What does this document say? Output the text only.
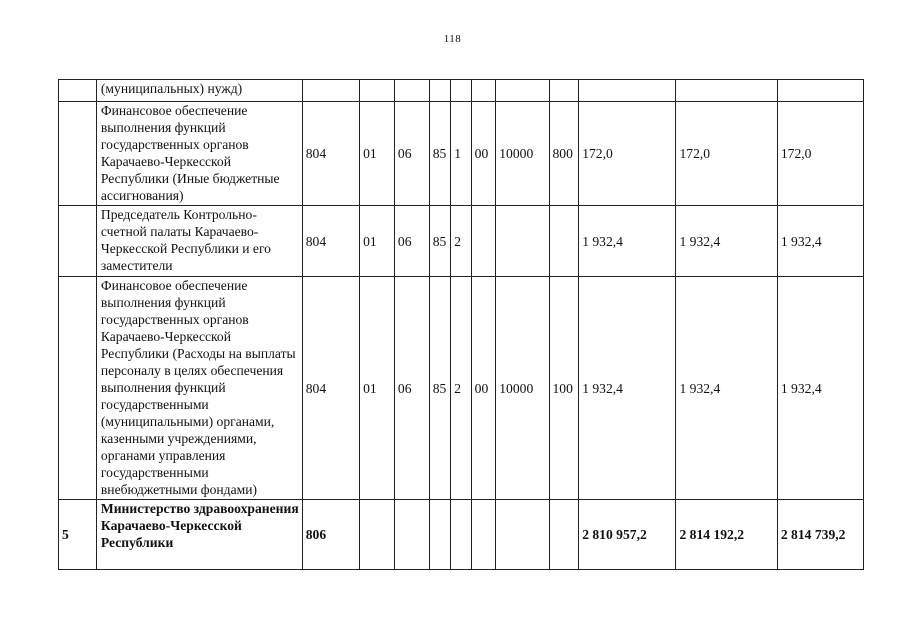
118
	(муниципальных) нужд)											
	Финансовое обеспечение выполнения функций государственных органов Карачаево-Черкесской Республики (Иные бюджетные ассигнования)	804	01	06	85	1	00	10000	800	172,0	172,0	172,0
	Председатель Контрольно-счетной палаты Карачаево-Черкесской Республики и его заместители	804	01	06	85	2				1 932,4	1 932,4	1 932,4
	Финансовое обеспечение выполнения функций государственных органов Карачаево-Черкесской Республики (Расходы на выплаты персоналу в целях обеспечения выполнения функций государственными (муниципальными) органами, казенными учреждениями, органами управления государственными внебюджетными фондами)	804	01	06	85	2	00	10000	100	1 932,4	1 932,4	1 932,4
5	Министерство здравоохранения Карачаево-Черкесской Республики	806								2 810 957,2	2 814 192,2	2 814 739,2
